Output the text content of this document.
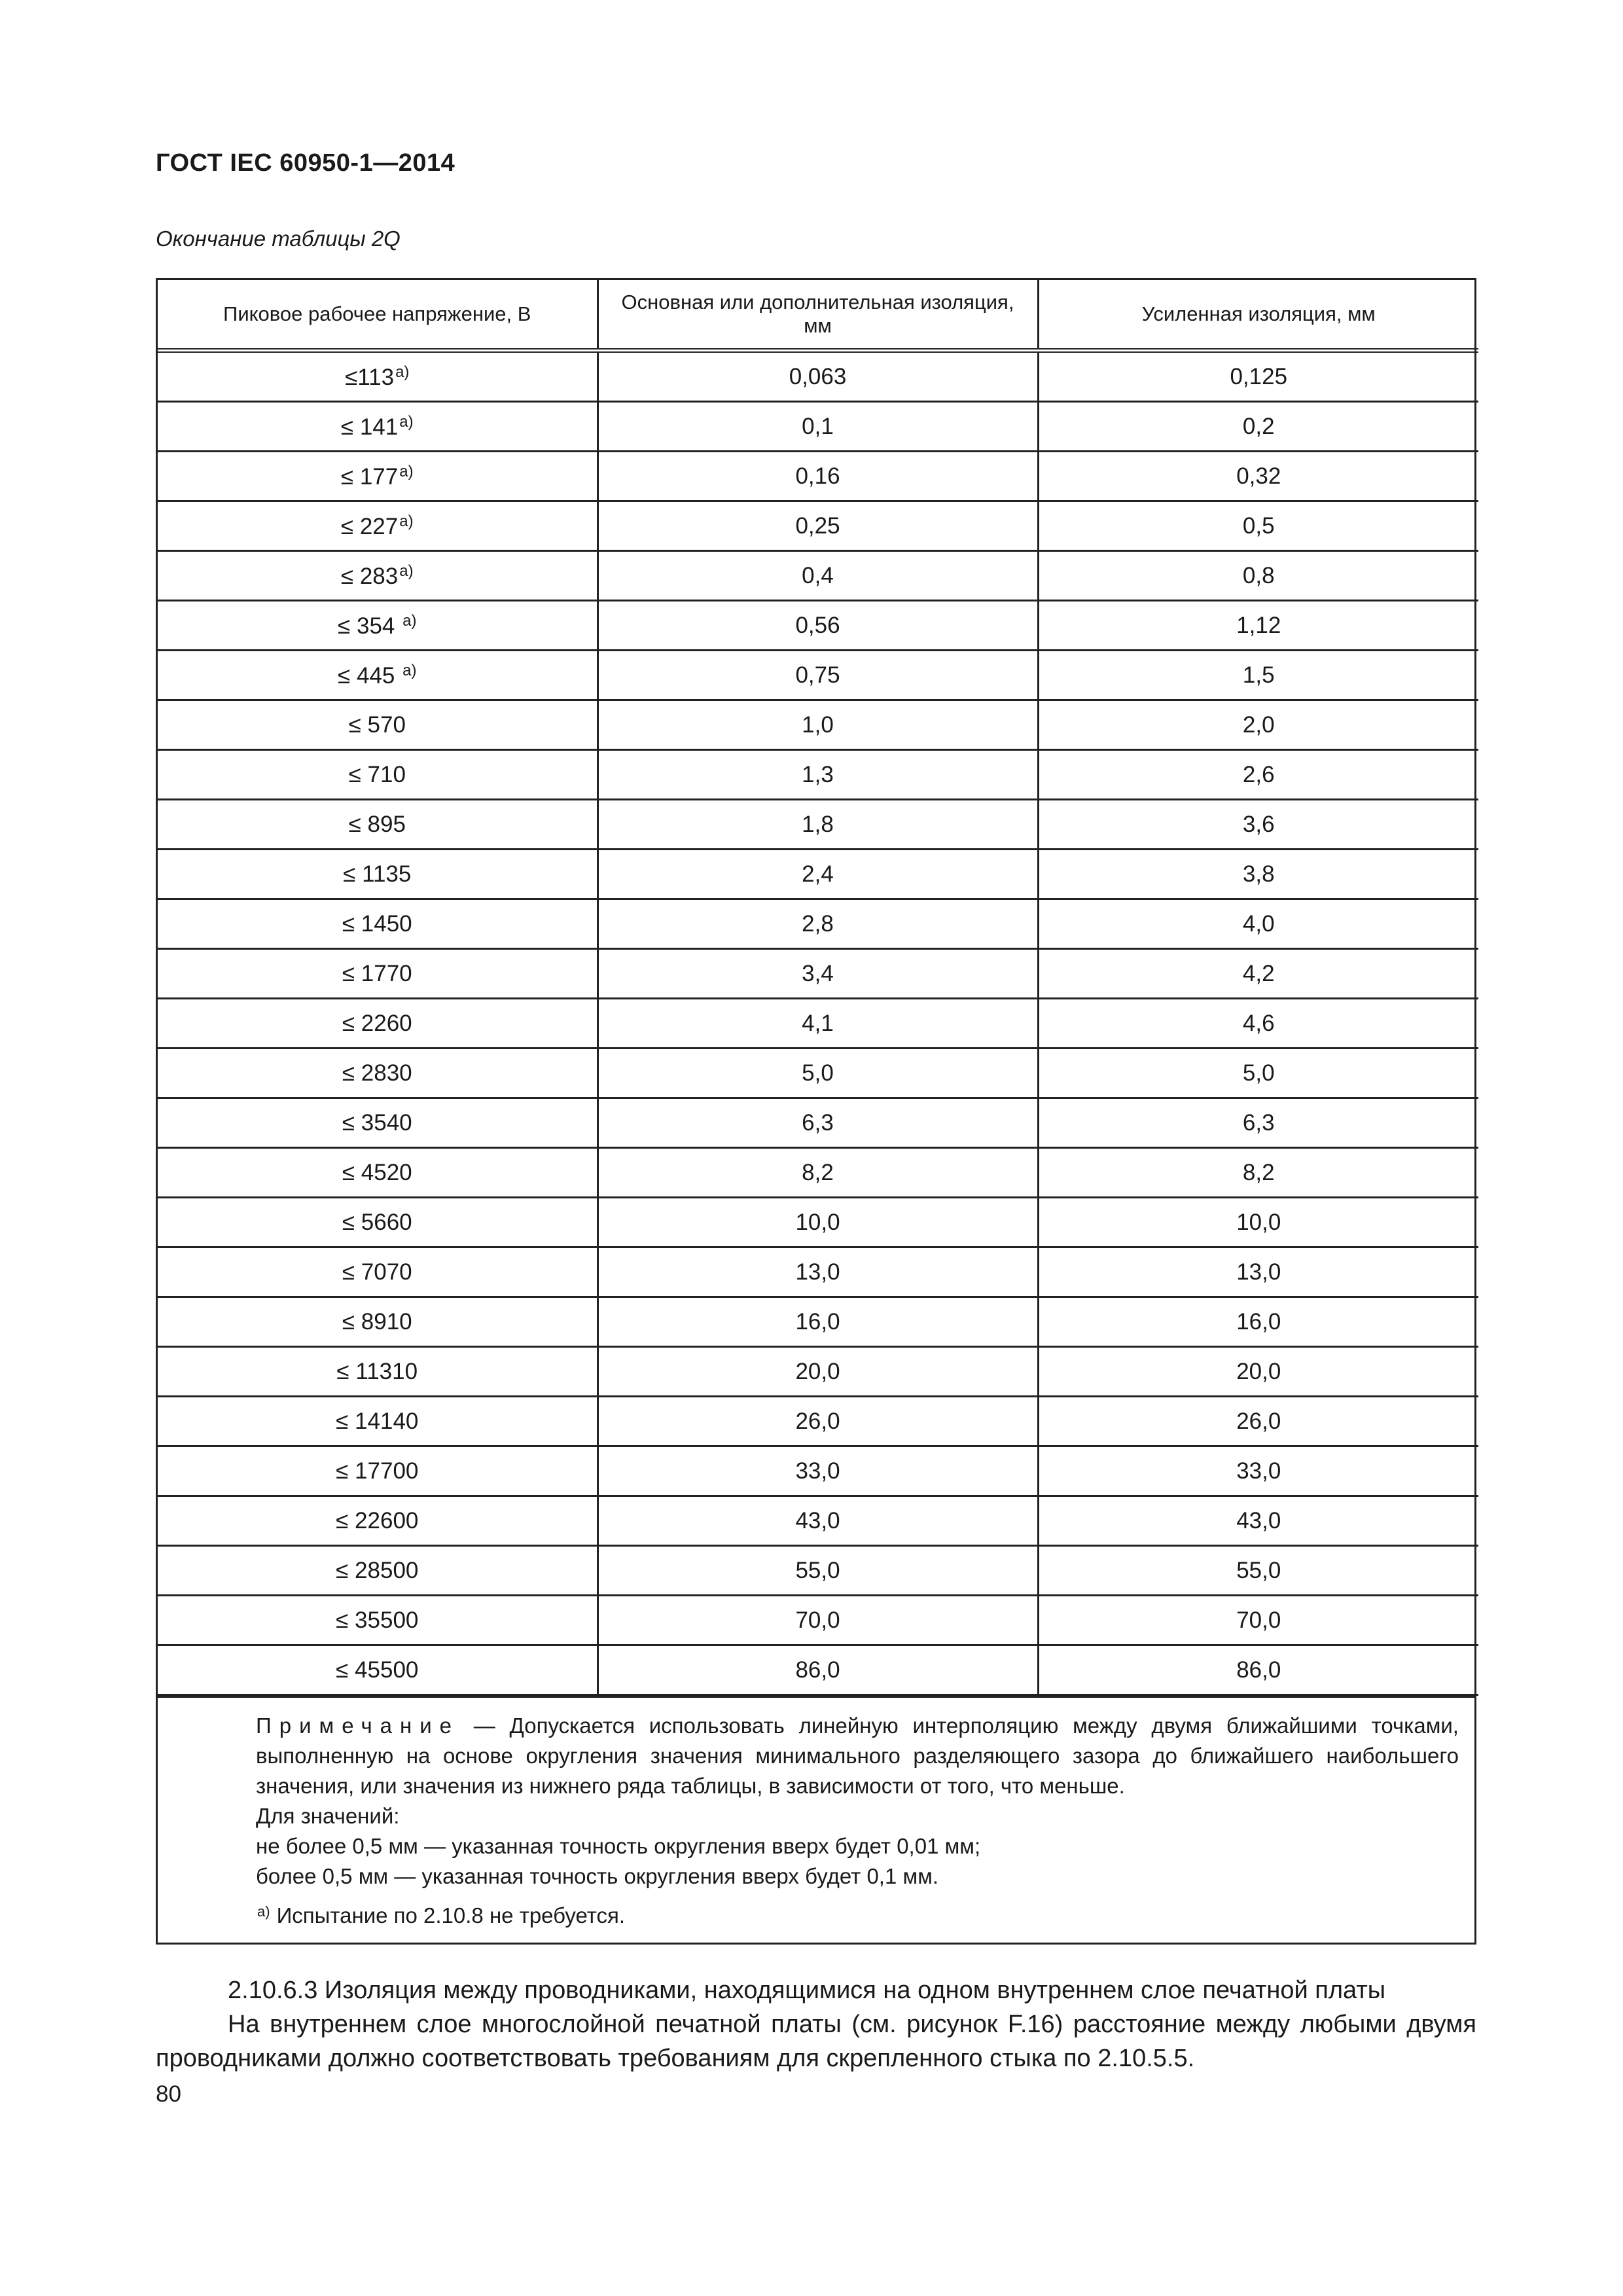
ГОСТ IEC 60950-1—2014
Окончание таблицы 2Q
Пиковое рабочее напряжение, В	Основная или дополнительная изоляция, мм	Усиленная изоляция, мм
$\le 113^{a)}$	0,063	0,125
≤ $141^{a)}$	0,1	0,2
≤ $177^{a)}$	0,16	0,32
≤ $227^{a)}$	0,25	0,5
≤ $283^{a)}$	0,4	0,8
≤ 354 $^{a)}$	0,56	1,12
≤ 445 $^{a)}$	0,75	1,5
≤ 570	1,0	2,0
≤ 710	1,3	2,6
≤ 895	1,8	3,6
≤ 1135	2,4	3,8
≤ 1450	2,8	4,0
≤ 1770	3,4	4,2
≤ 2260	4,1	4,6
≤ 2830	5,0	5,0
≤ 3540	6,3	6,3
≤ 4520	8,2	8,2
≤ 5660	10,0	10,0
≤ 7070	13,0	13,0
≤ 8910	16,0	16,0
≤ 11310	20,0	20,0
≤ 14140	26,0	26,0
≤ 17700	33,0	33,0
≤ 22600	43,0	43,0
≤ 28500	55,0	55,0
≤ 35500	70,0	70,0
≤ 45500	86,0	86,0

Примечание — Допускается использовать линейную интерполяцию между двумя ближайшими точками, выполненную на основе округления значения минимального разделяющего зазора до ближайшего наибольшего значения, или значения из нижнего ряда таблицы, в зависимости от того, что меньше.

Для значений:

не более 0,5 мм — указанная точность округления вверх будет 0,01 мм;

более 0,5 мм — указанная точность округления вверх будет 0,1 мм.

$^{a)}$ Испытание по 2.10.8 не требуется.

2.10.6.3 Изоляция между проводниками, находящимися на одном внутреннем слое печатной платы

На внутреннем слое многослойной печатной платы (см. рисунок F.16) расстояние между любыми двумя проводниками должно соответствовать требованиям для скрепленного стыка по 2.10.5.5.

80
